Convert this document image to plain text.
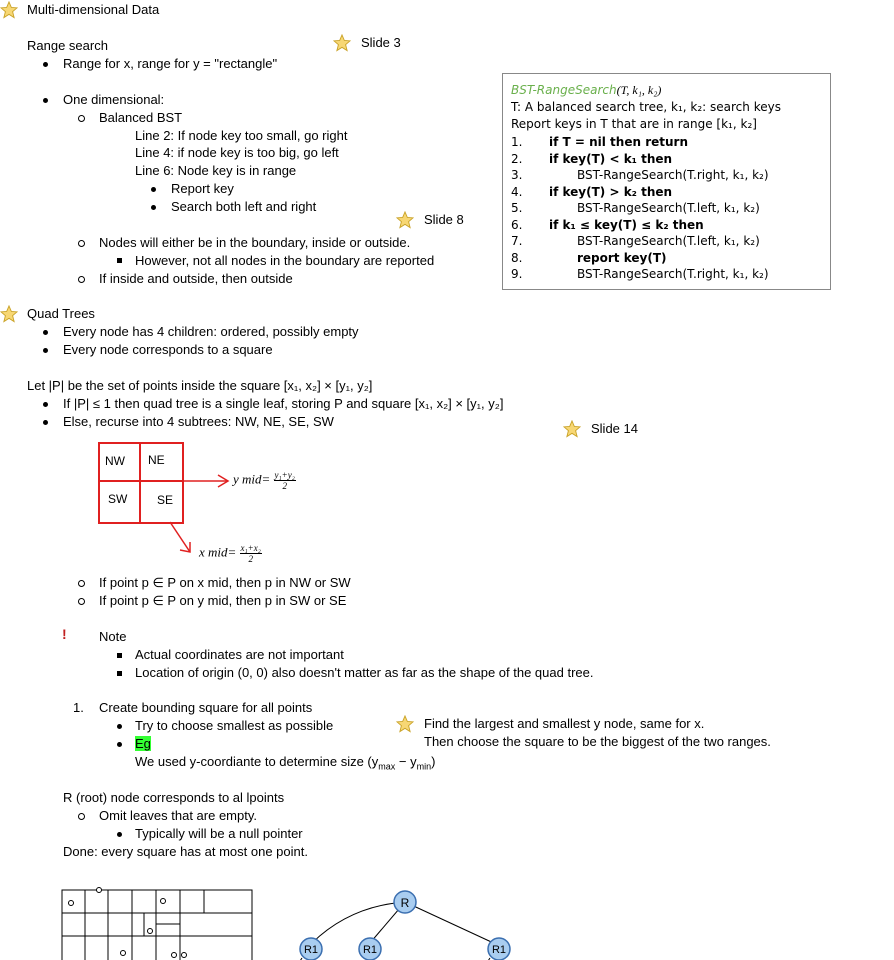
Multi-dimensional Data
Range search	Slide 3
Range for x, range for y = "rectangle"
One dimensional:
Balanced BST
Line 2: If node key too small, go right
Line 4: if node key is too big, go left
Line 6: Node key is in range
Report key
Search both left and right
Slide 8
Nodes will either be in the boundary, inside or outside.
However, not all nodes in the boundary are reported
If inside and outside, then outside
BST-RangeSearch(T, k₁, k₂)
T: A balanced search tree, k₁, k₂: search keys
Report keys in T that are in range [k₁, k₂]
1. if T = nil then return
2. if key(T) < k₁ then
3.	BST-RangeSearch(T.right, k₁, k₂)
4. if key(T) > k₂ then
5.	BST-RangeSearch(T.left, k₁, k₂)
6. if k₁ ≤ key(T) ≤ k₂ then
7.	BST-RangeSearch(T.left, k₁, k₂)
8.	report key(T)
9.	BST-RangeSearch(T.right, k₁, k₂)
Quad Trees
Every node has 4 children: ordered, possibly empty
Every node corresponds to a square
Let |P| be the set of points inside the square [x₁, x₂] × [y₁, y₂]
If |P| ≤ 1 then quad tree is a single leaf, storing P and square [x₁, x₂] × [y₁, y₂]
Else, recurse into 4 subtrees: NW, NE, SE, SW	Slide 14
NW NE
SW SE
y $mid= \frac{\text{y₁+y₂}}{2}$
x $mid= \frac{\text{x₁+x₂}}{2}$
If point p ∈ P on x mid, then p in NW or SW
If point p ∈ P on y mid, then p in SW or SE
! Note
Actual coordinates are not important
Location of origin (0, 0) also doesn't matter as far as the shape of the quad tree.
1. Create bounding square for all points
Try to choose smallest as possible
Eg
We used y-coordiante to determine size $(y_{max} - y_{min})$
Find the largest and smallest y node, same for x.
Then choose the square to be the biggest of the two ranges.
R (root) node corresponds to al lpoints
Omit leaves that are empty.
Typically will be a null pointer
Done: every square has at most one point.
R
R1	R1	R1
